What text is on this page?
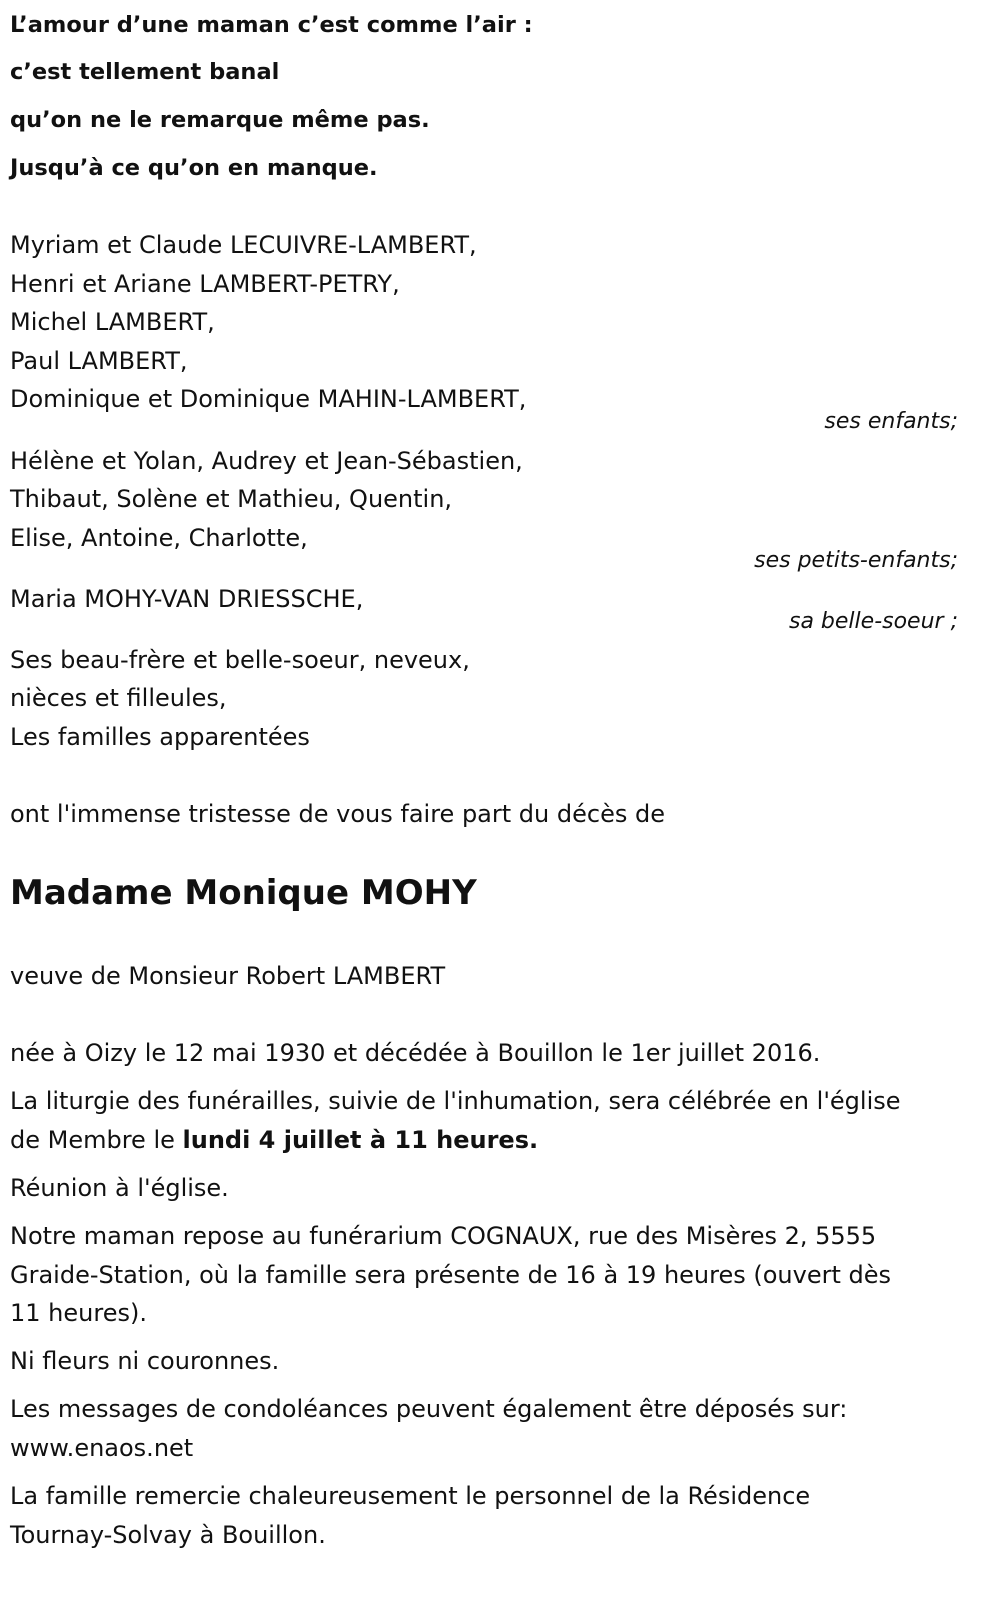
L’amour d’une maman c’est comme l’air :
c’est tellement banal
qu’on ne le remarque même pas.
Jusqu’à ce qu’on en manque.
Myriam et Claude LECUIVRE-LAMBERT,
Henri et Ariane LAMBERT-PETRY,
Michel LAMBERT,
Paul LAMBERT,
Dominique et Dominique MAHIN-LAMBERT,
ses enfants;
Hélène et Yolan, Audrey et Jean-Sébastien,
Thibaut, Solène et Mathieu, Quentin,
Elise, Antoine, Charlotte,
ses petits-enfants;
Maria MOHY-VAN DRIESSCHE,
sa belle-soeur ;
Ses beau-frère et belle-soeur, neveux,
nièces et filleules,
Les familles apparentées
ont l'immense tristesse de vous faire part du décès de
Madame Monique MOHY
veuve de Monsieur Robert LAMBERT
née à Oizy le 12 mai 1930 et décédée à Bouillon le 1er juillet 2016.
La liturgie des funérailles, suivie de l'inhumation, sera célébrée en l'église
de Membre le lundi 4 juillet à 11 heures.
Réunion à l'église.
Notre maman repose au funérarium COGNAUX, rue des Misères 2, 5555
Graide-Station, où la famille sera présente de 16 à 19 heures (ouvert dès
11 heures).
Ni fleurs ni couronnes.
Les messages de condoléances peuvent également être déposés sur:
www.enaos.net
La famille remercie chaleureusement le personnel de la Résidence
Tournay-Solvay à Bouillon.
